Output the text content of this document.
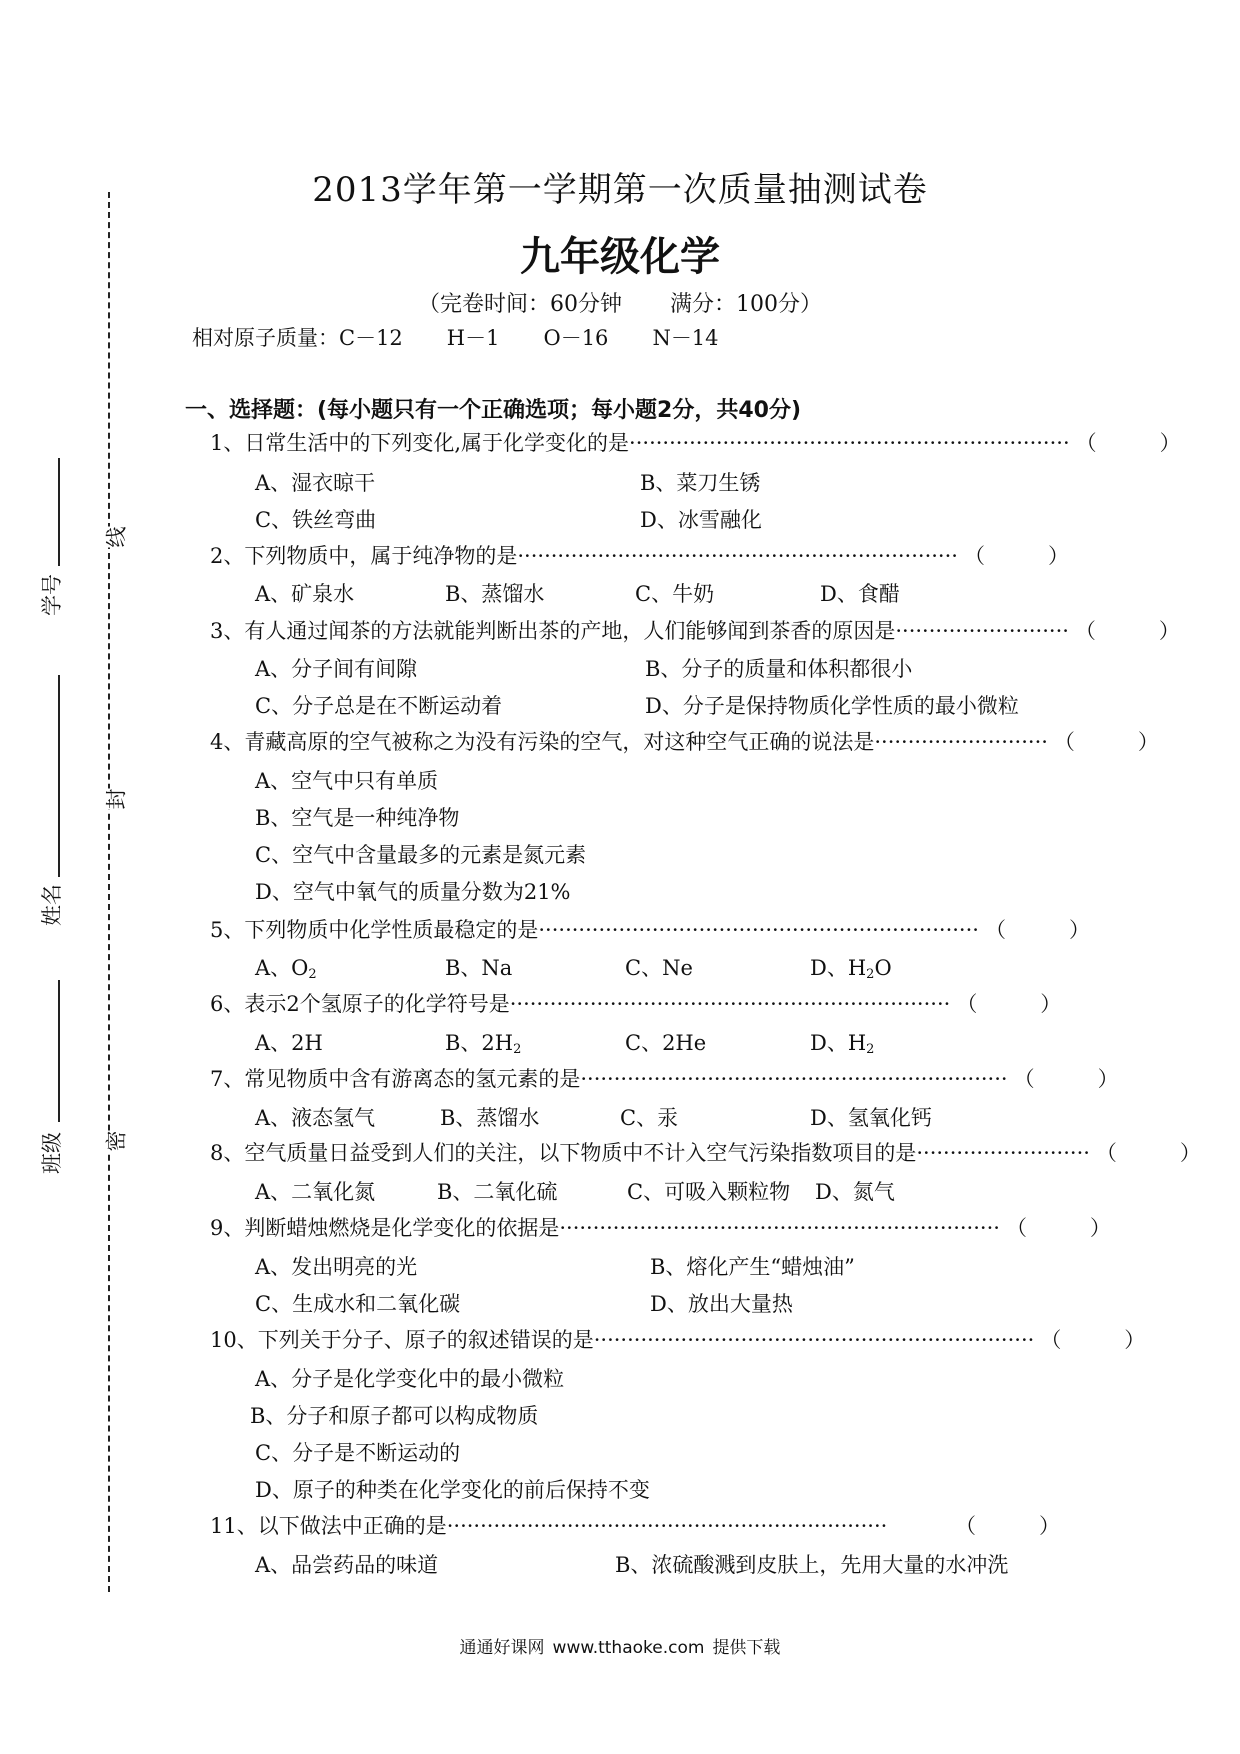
线
封
密
学号
姓名
班级
2013学年第一学期第一次质量抽测试卷
九年级化学
（完卷时间：60分钟 满分：100分）
相对原子质量：C－12 H－1 O－16 N－14
一、选择题：(每小题只有一个正确选项；每小题2分，共40分)
1、日常生活中的下列变化,属于化学变化的是 ·································································· （　　　）
A、湿衣晾干	B、菜刀生锈
C、铁丝弯曲	D、冰雪融化
2、下列物质中，属于纯净物的是 ·································································· （　　　）
A、矿泉水	B、蒸馏水	C、牛奶	D、食醋
3、有人通过闻茶的方法就能判断出茶的产地，人们能够闻到茶香的原因是 ·························· （　　　）
A、分子间有间隙	B、分子的质量和体积都很小
C、分子总是在不断运动着	D、分子是保持物质化学性质的最小微粒
4、青藏高原的空气被称之为没有污染的空气，对这种空气正确的说法是 ·························· （　　　）
A、空气中只有单质
B、空气是一种纯净物
C、空气中含量最多的元素是氮元素
D、空气中氧气的质量分数为21%
5、下列物质中化学性质最稳定的是 ·································································· （　　　）
A、$O_2$	B、Na	C、Ne	D、$H_2O$
6、表示2个氢原子的化学符号是 ·································································· （　　　）
A、2H	B、$2H_2$	C、2He	D、$H_2$
7、常见物质中含有游离态的氢元素的是 ································································ （　　　）
A、液态氢气	B、蒸馏水	C、汞	D、氢氧化钙
8、空气质量日益受到人们的关注，以下物质中不计入空气污染指数项目的是 ·························· （　　　）
A、二氧化氮	B、二氧化硫	C、可吸入颗粒物 D、氮气
9、判断蜡烛燃烧是化学变化的依据是 ·································································· （　　　）
A、发出明亮的光	B、熔化产生“蜡烛油”
C、生成水和二氧化碳	D、放出大量热
10、下列关于分子、原子的叙述错误的是 ·································································· （　　　）
A、分子是化学变化中的最小微粒
B、分子和原子都可以构成物质
C、分子是不断运动的
D、原子的种类在化学变化的前后保持不变
11、以下做法中正确的是 ··································································	（　　　）
A、品尝药品的味道	B、浓硫酸溅到皮肤上，先用大量的水冲洗
通通好课网 www.tthaoke.com 提供下载
